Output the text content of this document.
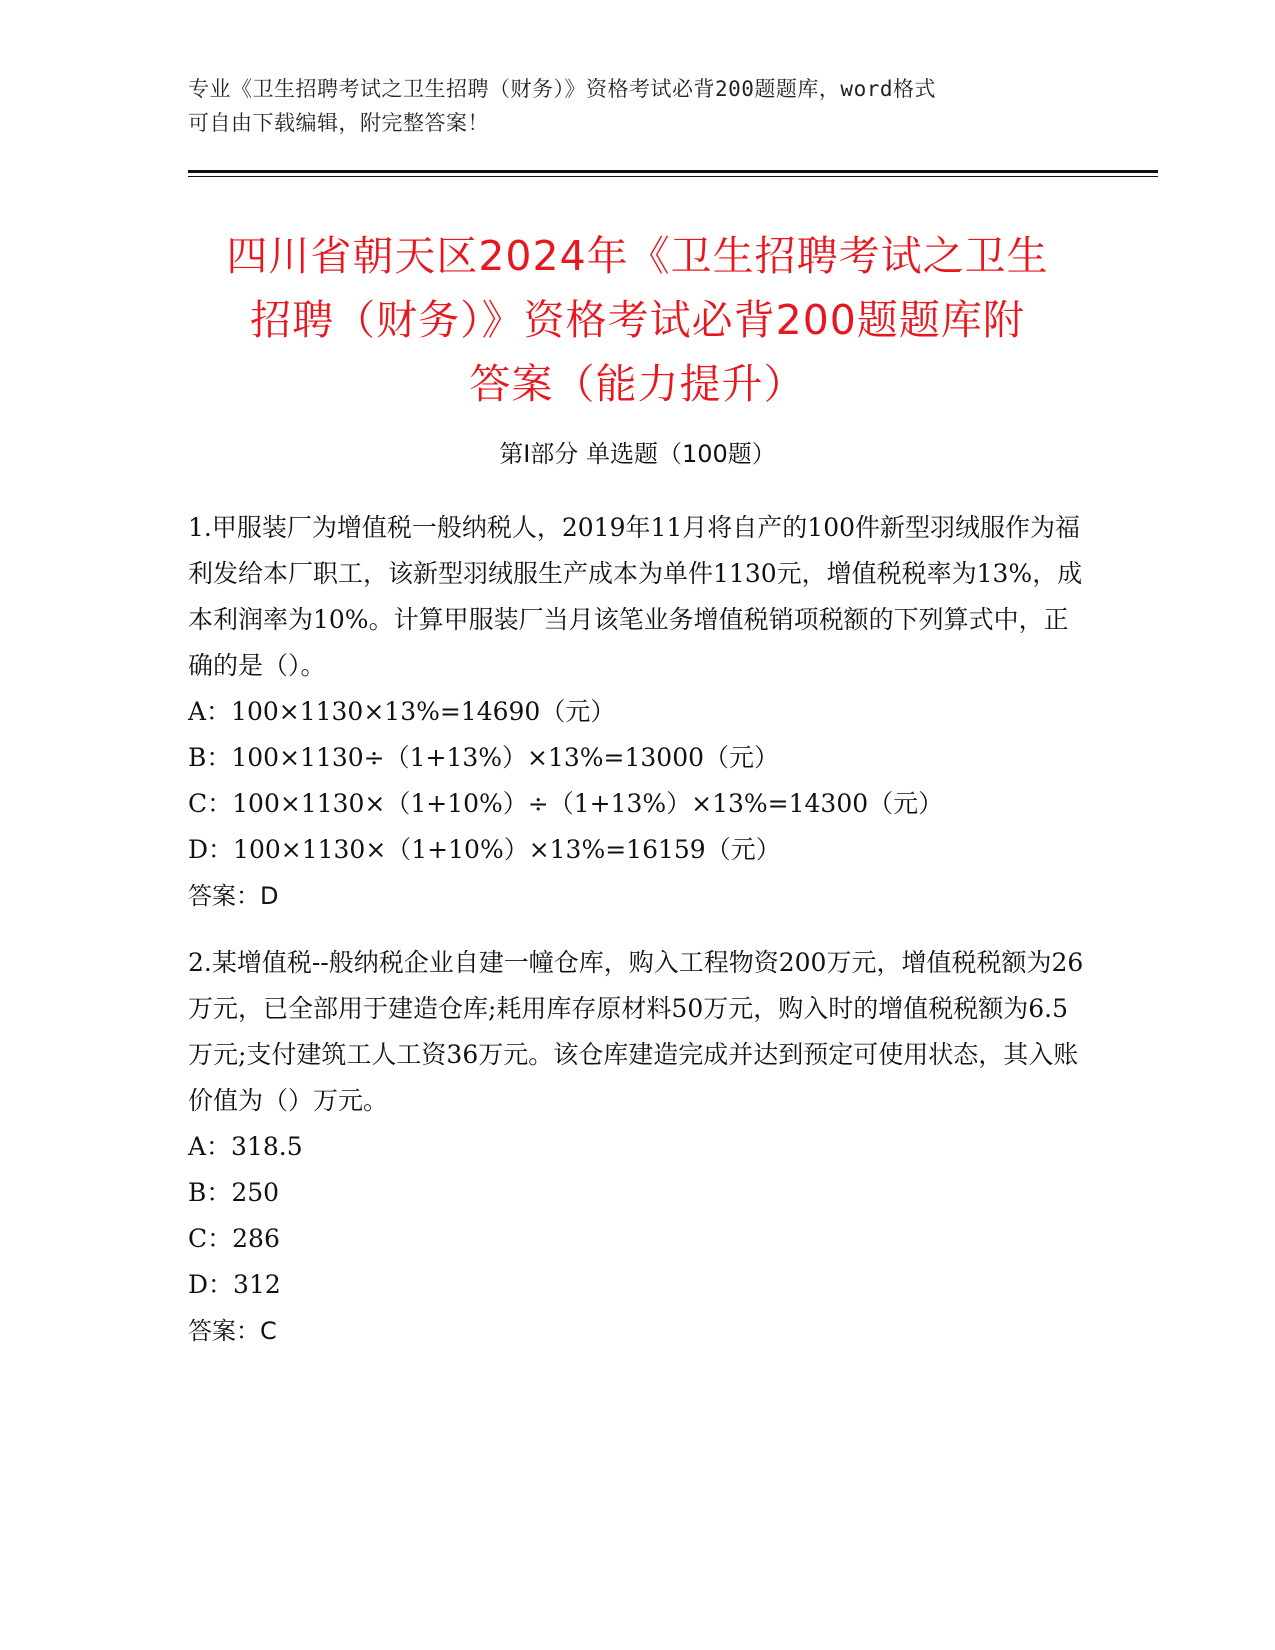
专业《卫生招聘考试之卫生招聘（财务）》资格考试必背200题题库，word格式
可自由下载编辑，附完整答案！
四川省朝天区2024年《卫生招聘考试之卫生
招聘（财务）》资格考试必背200题题库附
答案（能力提升）
第Ⅰ部分 单选题（100题）

1.甲服装厂为增值税一般纳税人，2019年11月将自产的100件新型羽绒服作为福利发给本厂职工，该新型羽绒服生产成本为单件1130元，增值税税率为13%，成本利润率为10%。计算甲服装厂当月该笔业务增值税销项税额的下列算式中，正确的是（）。

A：100×1130×13%=14690（元）

B：100×1130÷（1+13%）×13%=13000（元）

C：100×1130×（1+10%）÷（1+13%）×13%=14300（元）

D：100×1130×（1+10%）×13%=16159（元）

答案：D

2.某增值税--般纳税企业自建一幢仓库，购入工程物资200万元，增值税税额为26万元，已全部用于建造仓库;耗用库存原材料50万元，购入时的增值税税额为6.5万元;支付建筑工人工资36万元。该仓库建造完成并达到预定可使用状态，其入账价值为（）万元。

A：318.5

B：250

C：286

D：312

答案：C
